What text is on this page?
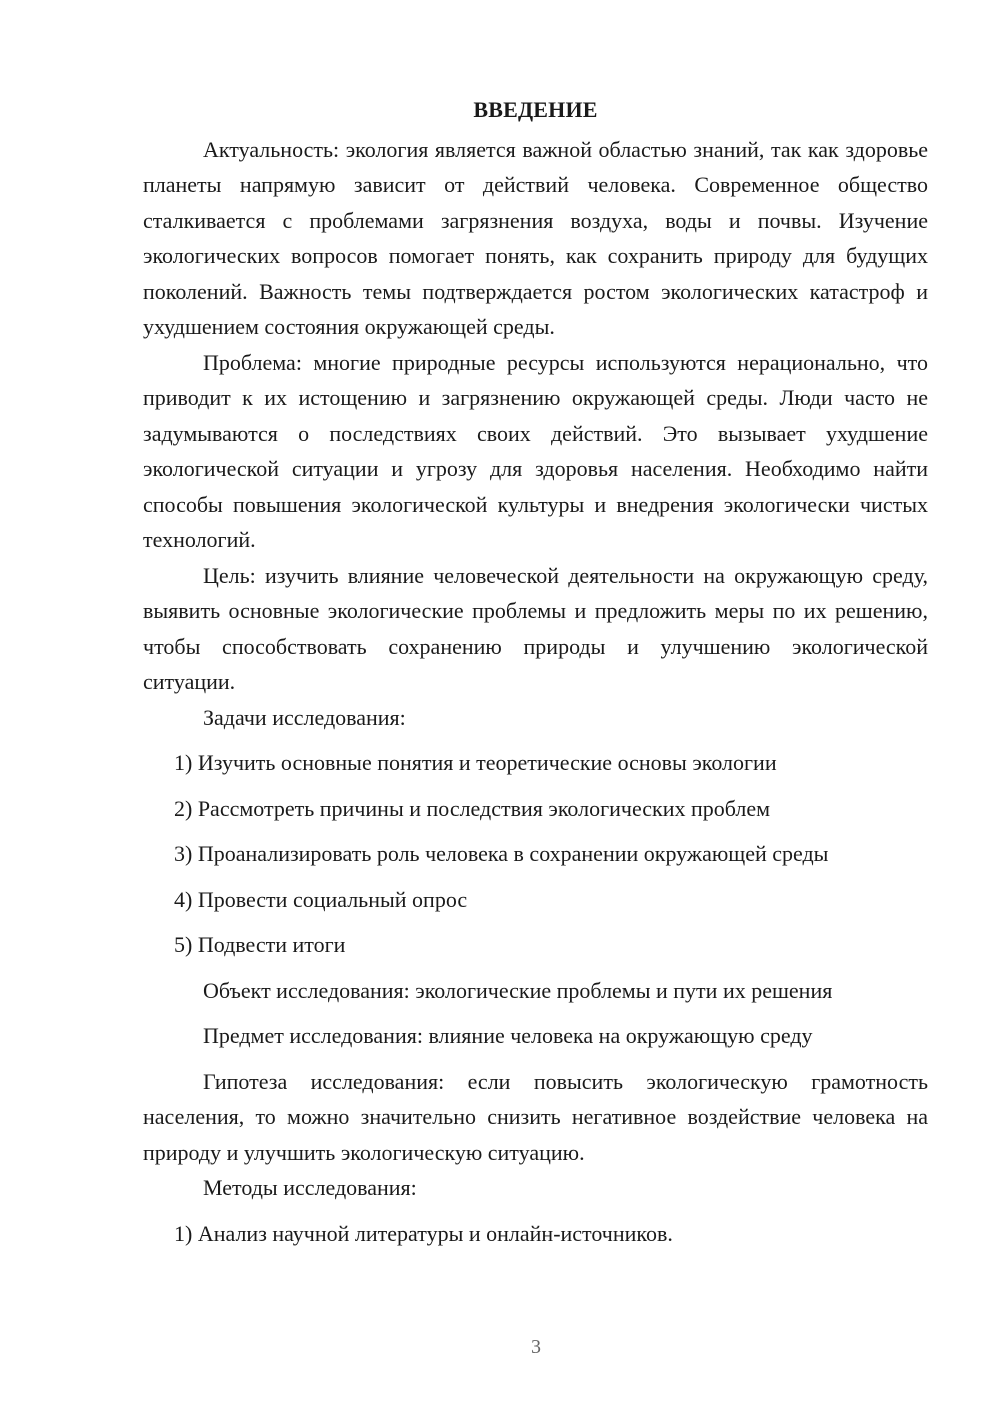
ВВЕДЕНИЕ

Актуальность: экология является важной областью знаний, так как здоровье планеты напрямую зависит от действий человека. Современное общество сталкивается с проблемами загрязнения воздуха, воды и почвы. Изучение экологических вопросов помогает понять, как сохранить природу для будущих поколений. Важность темы подтверждается ростом экологических катастроф и ухудшением состояния окружающей среды.

Проблема: многие природные ресурсы используются нерационально, что приводит к их истощению и загрязнению окружающей среды. Люди часто не задумываются о последствиях своих действий. Это вызывает ухудшение экологической ситуации и угрозу для здоровья населения. Необходимо найти способы повышения экологической культуры и внедрения экологически чистых технологий.

Цель: изучить влияние человеческой деятельности на окружающую среду, выявить основные экологические проблемы и предложить меры по их решению, чтобы способствовать сохранению природы и улучшению экологической ситуации.

Задачи исследования:

1) Изучить основные понятия и теоретические основы экологии

2) Рассмотреть причины и последствия экологических проблем

3) Проанализировать роль человека в сохранении окружающей среды

4) Провести социальный опрос

5) Подвести итоги

Объект исследования: экологические проблемы и пути их решения

Предмет исследования: влияние человека на окружающую среду

Гипотеза исследования: если повысить экологическую грамотность населения, то можно значительно снизить негативное воздействие человека на природу и улучшить экологическую ситуацию.

Методы исследования:

1) Анализ научной литературы и онлайн-источников.

3
